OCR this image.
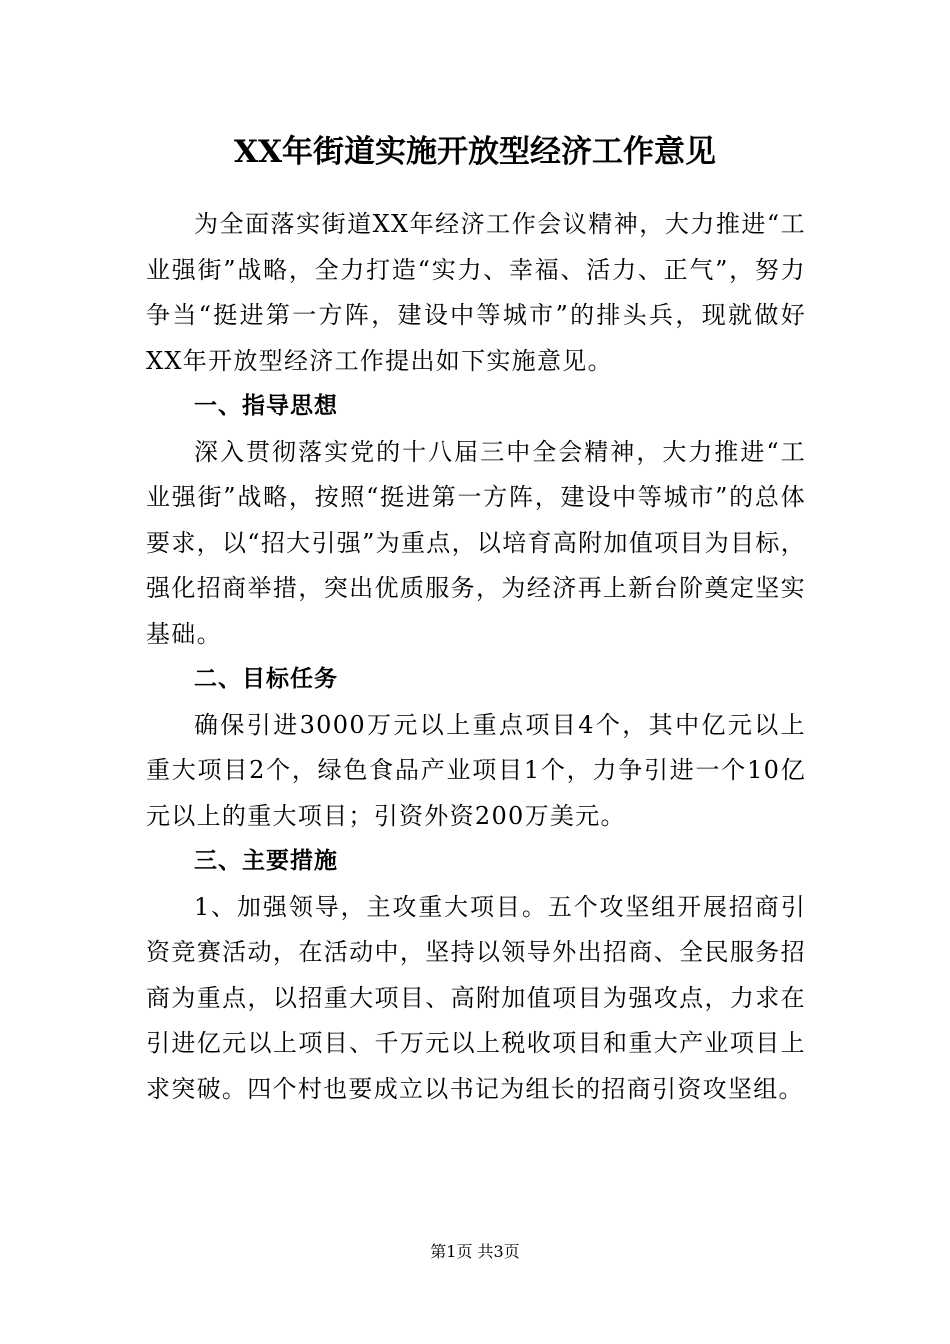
XX年街道实施开放型经济工作意见

为全面落实街道XX年经济工作会议精神，大力推进“工业强街”战略，全力打造“实力、幸福、活力、正气”，努力争当“挺进第一方阵，建设中等城市”的排头兵，现就做好XX年开放型经济工作提出如下实施意见。

一、指导思想

深入贯彻落实党的十八届三中全会精神，大力推进“工业强街”战略，按照“挺进第一方阵，建设中等城市”的总体要求，以“招大引强”为重点，以培育高附加值项目为目标，强化招商举措，突出优质服务，为经济再上新台阶奠定坚实基础。

二、目标任务

确保引进3000万元以上重点项目4个，其中亿元以上重大项目2个，绿色食品产业项目1个，力争引进一个10亿元以上的重大项目；引资外资200万美元。

三、主要措施

1、加强领导，主攻重大项目。五个攻坚组开展招商引资竞赛活动，在活动中，坚持以领导外出招商、全民服务招商为重点，以招重大项目、高附加值项目为强攻点，力求在引进亿元以上项目、千万元以上税收项目和重大产业项目上求突破。四个村也要成立以书记为组长的招商引资攻坚组。

第1页 共3页
